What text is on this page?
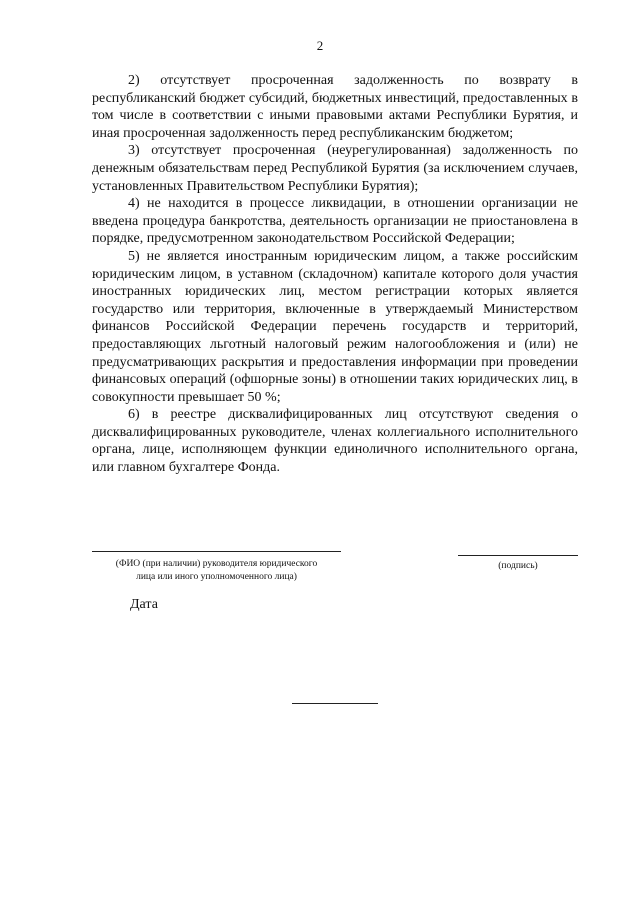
2

2) отсутствует просроченная задолженность по возврату в республиканский бюджет субсидий, бюджетных инвестиций, предоставленных в том числе в соответствии с иными правовыми актами Республики Бурятия, и иная просроченная задолженность перед республиканским бюджетом;

3) отсутствует просроченная (неурегулированная) задолженность по денежным обязательствам перед Республикой Бурятия (за исключением случаев, установленных Правительством Республики Бурятия);

4) не находится в процессе ликвидации, в отношении организации не введена процедура банкротства, деятельность организации не приостановлена в порядке, предусмотренном законодательством Российской Федерации;

5) не является иностранным юридическим лицом, а также российским юридическим лицом, в уставном (складочном) капитале которого доля участия иностранных юридических лиц, местом регистрации которых является государство или территория, включенные в утверждаемый Министерством финансов Российской Федерации перечень государств и территорий, предоставляющих льготный налоговый режим налогообложения и (или) не предусматривающих раскрытия и предоставления информации при проведении финансовых операций (офшорные зоны) в отношении таких юридических лиц, в совокупности превышает 50 %;

6) в реестре дисквалифицированных лиц отсутствуют сведения о дисквалифицированных руководителе, членах коллегиального исполнительного органа, лице, исполняющем функции единоличного исполнительного органа, или главном бухгалтере Фонда.

(ФИО (при наличии) руководителя юридического
лица или иного уполномоченного лица)
(подпись)
Дата
